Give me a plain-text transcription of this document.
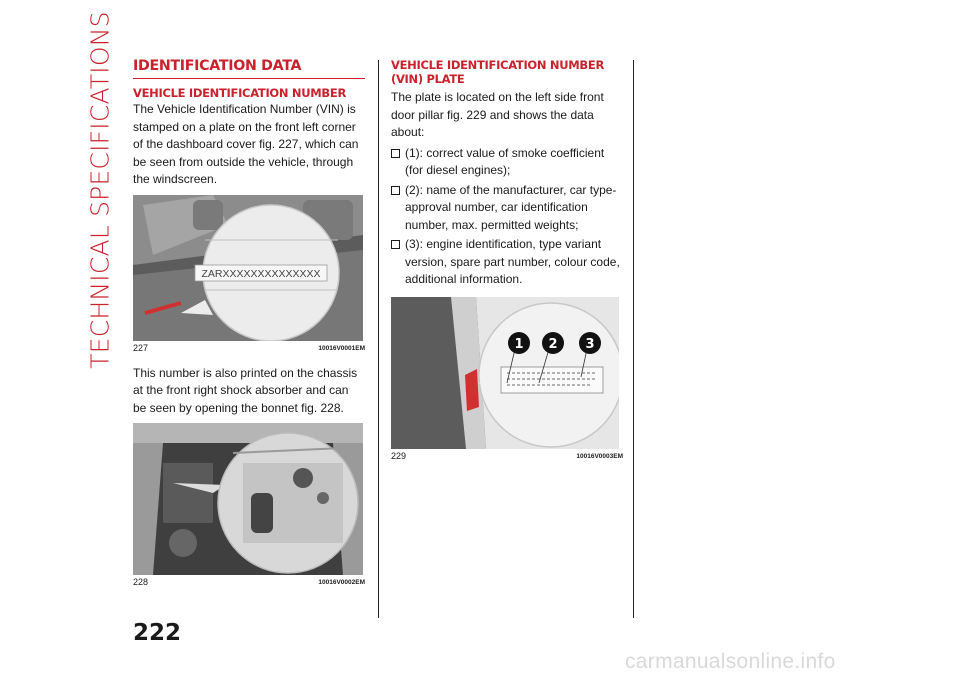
TECHNICAL SPECIFICATIONS IDENTIFICATION DATA
VEHICLE IDENTIFICATION NUMBER

The Vehicle Identification Number (VIN) is stamped on a plate on the front left corner of the dashboard cover fig. 227, which can be seen from outside the vehicle, through the windscreen.

ZARXXXXXXXXXXXXXX
227	10016V0001EM

This number is also printed on the chassis at the front right shock absorber and can be seen by opening the bonnet fig. 228.

228	10016V0002EM
VEHICLE IDENTIFICATION NUMBER
(VIN) PLATE

The plate is located on the left side front door pillar fig. 229 and shows the data about:

(1): correct value of smoke coefficient (for diesel engines);

(2): name of the manufacturer, car type-approval number, car identification number, max. permitted weights;

(3): engine identification, type variant version, spare part number, colour code, additional information.

1 2 3
229	10016V0003EM
222
carmanualsonline.info
